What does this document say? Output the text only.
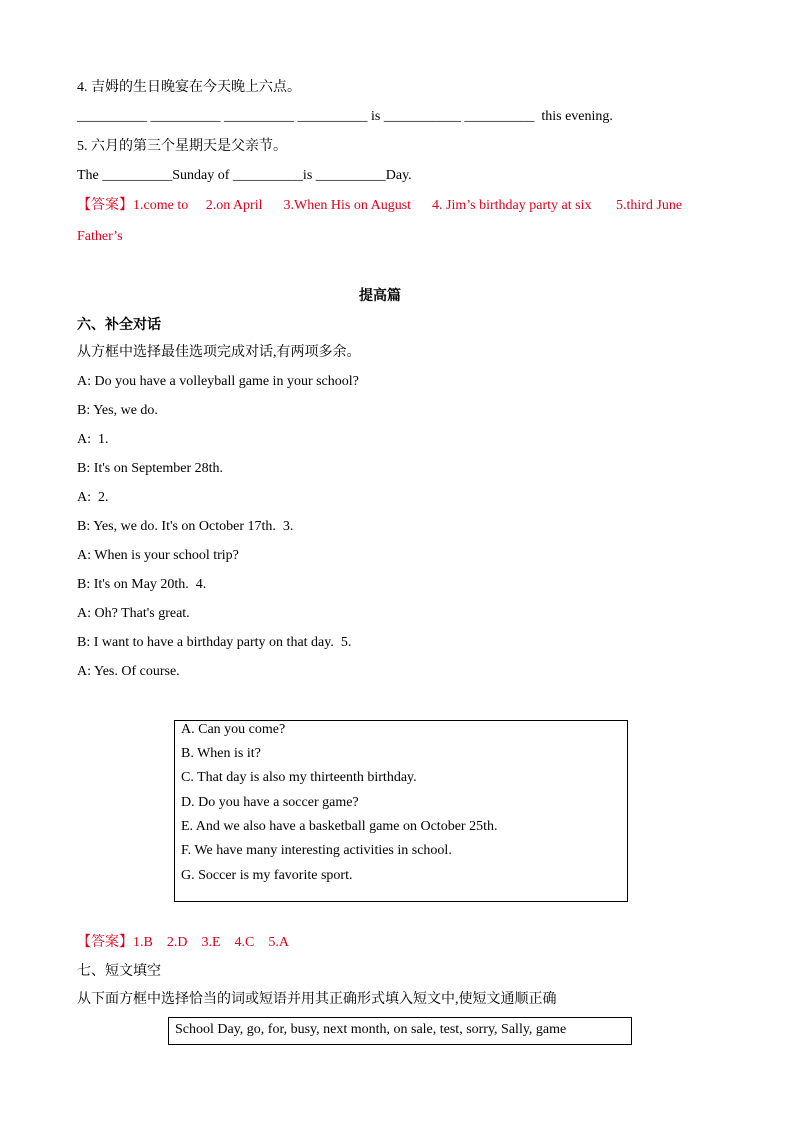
4. 吉姆的生日晚宴在今天晚上六点。
__________ __________ __________ __________ is ___________ __________  this evening.
5. 六月的第三个星期天是父亲节。
The __________Sunday of __________is __________Day.
【答案】1.come to     2.on April      3.When His on August      4. Jim’s birthday party at six       5.third June
Father’s
提高篇
六、补全对话
从方框中选择最佳选项完成对话,有两项多余。
A: Do you have a volleyball game in your school?
B: Yes, we do.
A:  1.
B: It's on September 28th.
A:  2.
B: Yes, we do. It's on October 17th.  3.
A: When is your school trip?
B: It's on May 20th.  4.
A: Oh? That's great.
B: I want to have a birthday party on that day.  5.
A: Yes. Of course.
A. Can you come?
B. When is it?
C. That day is also my thirteenth birthday.
D. Do you have a soccer game?
E. And we also have a basketball game on October 25th.
F. We have many interesting activities in school.
G. Soccer is my favorite sport.
【答案】1.B    2.D    3.E    4.C    5.A
七、短文填空
从下面方框中选择恰当的词或短语并用其正确形式填入短文中,使短文通顺正确
School Day, go, for, busy, next month, on sale, test, sorry, Sally, game
